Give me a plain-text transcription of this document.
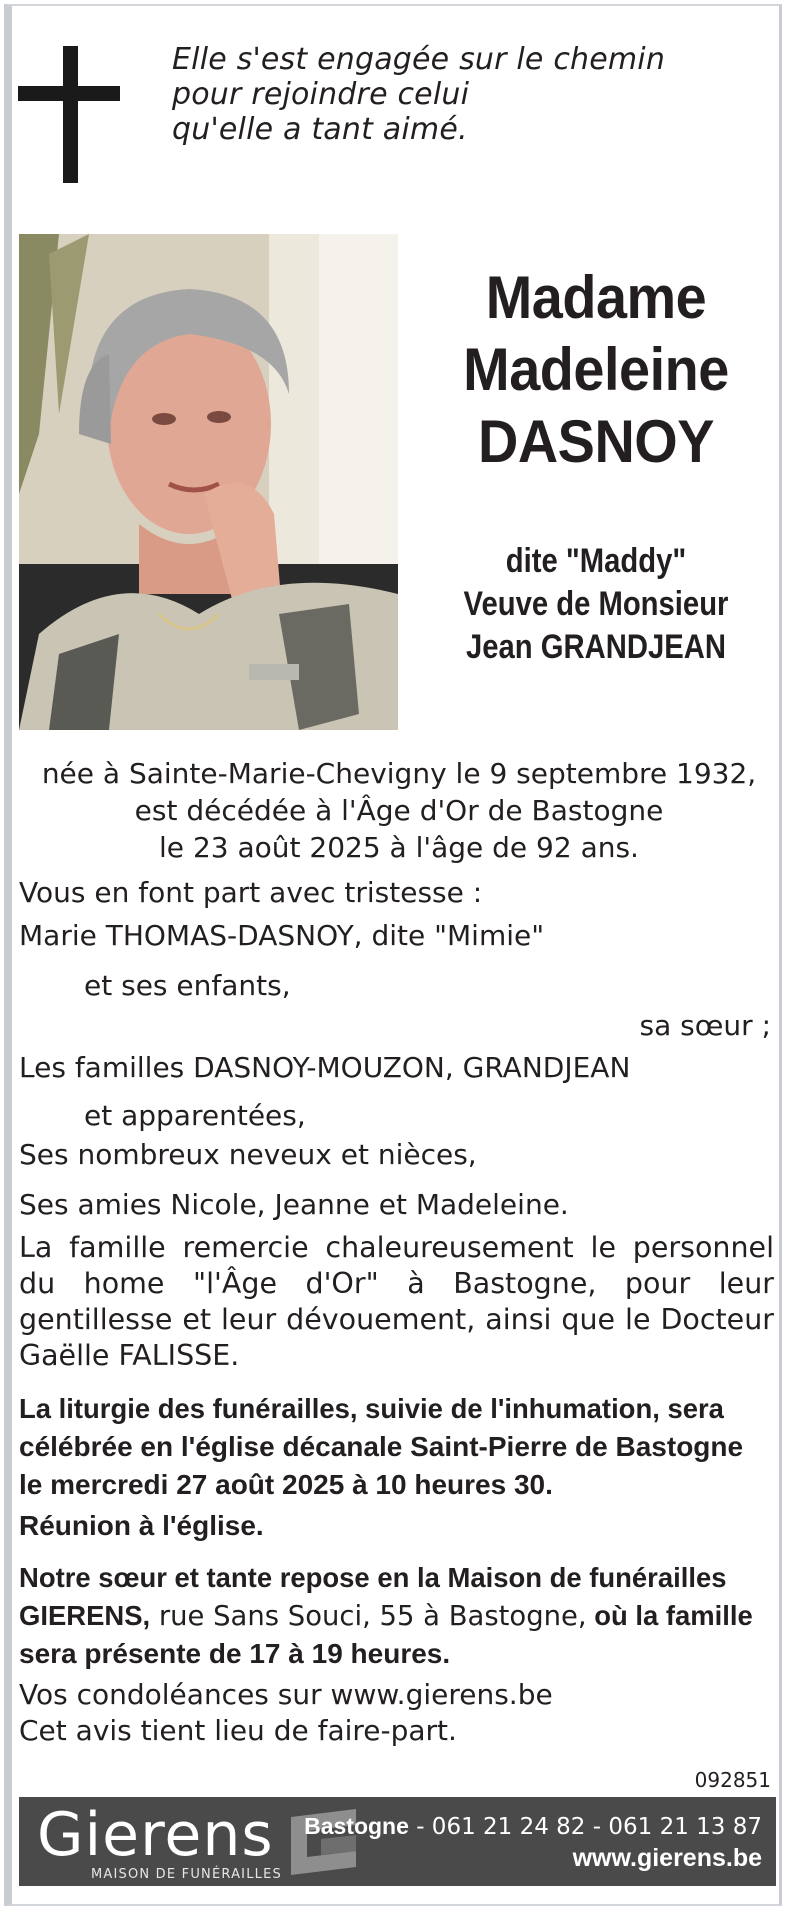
Elle s'est engagée sur le chemin
pour rejoindre celui
qu'elle a tant aimé.
Madame
Madeleine
DASNOY
dite "Maddy"
Veuve de Monsieur
Jean GRANDJEAN
née à Sainte-Marie-Chevigny le 9 septembre 1932,
est décédée à l'Âge d'Or de Bastogne
le 23 août 2025 à l'âge de 92 ans.
Vous en font part avec tristesse :
Marie THOMAS-DASNOY, dite "Mimie"
et ses enfants,
sa sœur ;
Les familles DASNOY-MOUZON, GRANDJEAN
et apparentées,
Ses nombreux neveux et nièces,
Ses amies Nicole, Jeanne et Madeleine.
La famille remercie chaleureusement le personnel du home "l'Âge d'Or" à Bastogne, pour leur gentillesse et leur dévouement, ainsi que le Docteur Gaëlle FALISSE.
La liturgie des funérailles, suivie de l'inhumation, sera
célébrée en l'église décanale Saint-Pierre de Bastogne
le mercredi 27 août 2025 à 10 heures 30.
Réunion à l'église.
Notre sœur et tante repose en la Maison de funérailles
GIERENS, rue Sans Souci, 55 à Bastogne, où la famille
sera présente de 17 à 19 heures.
Vos condoléances sur www.gierens.be
Cet avis tient lieu de faire-part.
092851
Gierens
MAISON DE FUNÉRAILLES
Bastogne - 061 21 24 82 - 061 21 13 87
www.gierens.be
